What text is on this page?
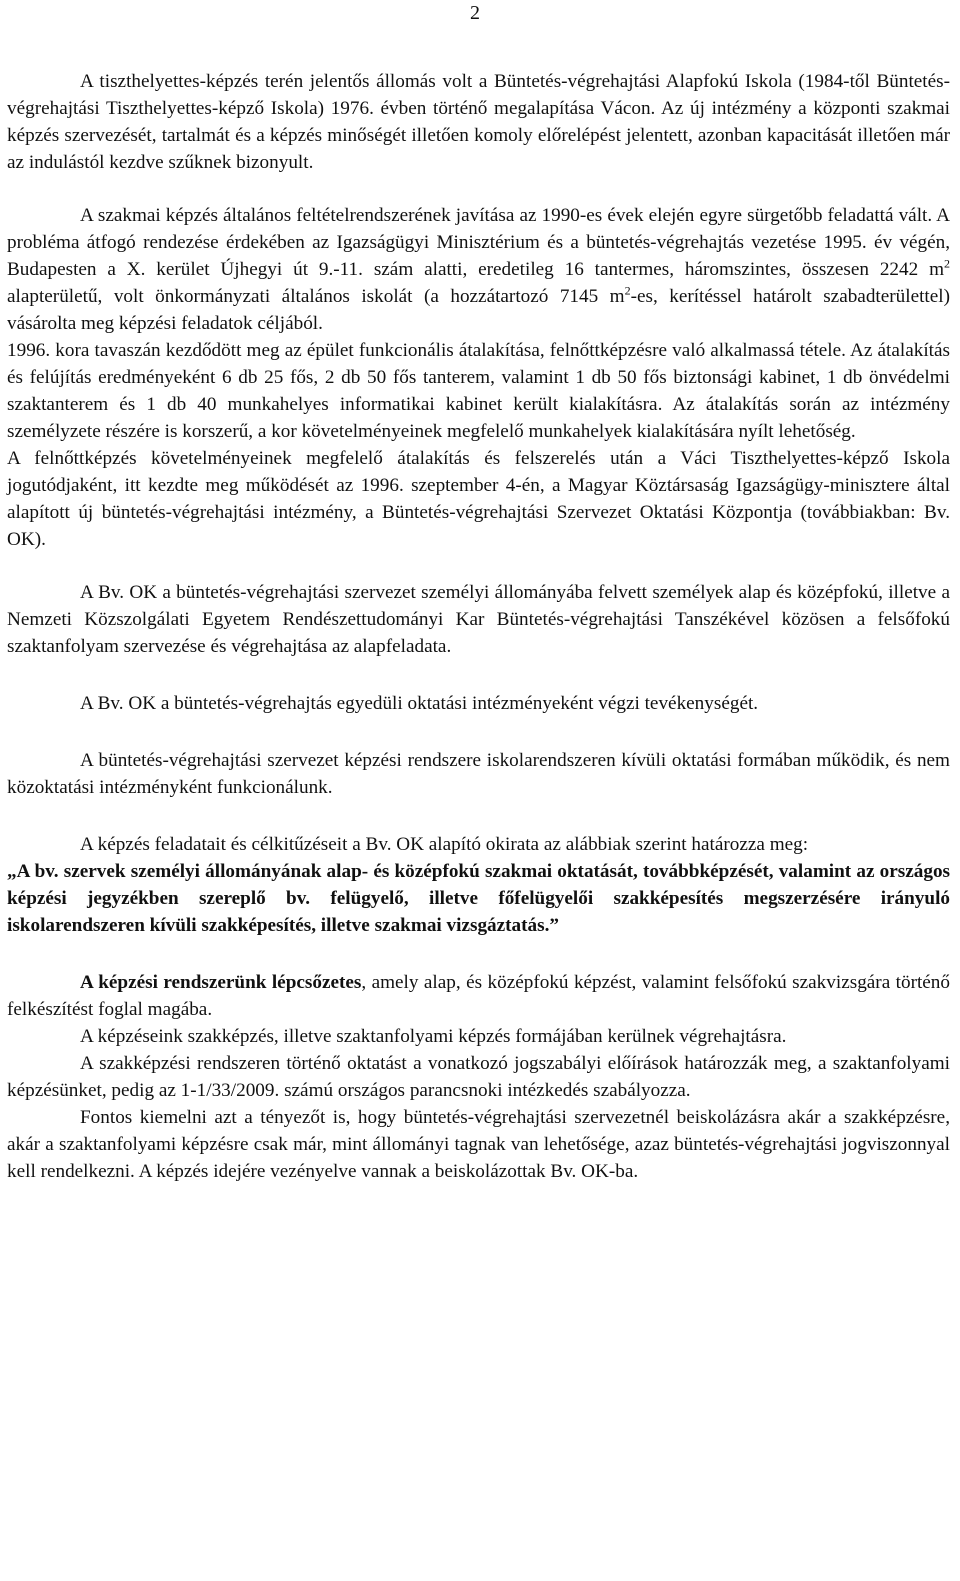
2

A tiszthelyettes-képzés terén jelentős állomás volt a Büntetés-végrehajtási Alapfokú Iskola (1984-től Büntetés-végrehajtási Tiszthelyettes-képző Iskola) 1976. évben történő megalapítása Vácon. Az új intézmény a központi szakmai képzés szervezését, tartalmát és a képzés minőségét illetően komoly előrelépést jelentett, azonban kapacitását illetően már az indulástól kezdve szűknek bizonyult.

A szakmai képzés általános feltételrendszerének javítása az 1990-es évek elején egyre sürgetőbb feladattá vált. A probléma átfogó rendezése érdekében az Igazságügyi Minisztérium és a büntetés-végrehajtás vezetése 1995. év végén, Budapesten a X. kerület Újhegyi út 9.-11. szám alatti, eredetileg 16 tantermes, háromszintes, összesen 2242 $m^2$ alapterületű, volt önkormányzati általános iskolát (a hozzátartozó 7145 $m^2-es$, kerítéssel határolt szabadterülettel) vásárolta meg képzési feladatok céljából.

1996. kora tavaszán kezdődött meg az épület funkcionális átalakítása, felnőttképzésre való alkalmassá tétele. Az átalakítás és felújítás eredményeként 6 db 25 fős, 2 db 50 fős tanterem, valamint 1 db 50 fős biztonsági kabinet, 1 db önvédelmi szaktanterem és 1 db 40 munkahelyes informatikai kabinet került kialakításra. Az átalakítás során az intézmény személyzete részére is korszerű, a kor követelményeinek megfelelő munkahelyek kialakítására nyílt lehetőség.

A felnőttképzés követelményeinek megfelelő átalakítás és felszerelés után a Váci Tiszthelyettes-képző Iskola jogutódjaként, itt kezdte meg működését az 1996. szeptember 4-én, a Magyar Köztársaság Igazságügy-minisztere által alapított új büntetés-végrehajtási intézmény, a Büntetés-végrehajtási Szervezet Oktatási Központja (továbbiakban: Bv. OK).

A Bv. OK a büntetés-végrehajtási szervezet személyi állományába felvett személyek alap és középfokú, illetve a Nemzeti Közszolgálati Egyetem Rendészettudományi Kar Büntetés-végrehajtási Tanszékével közösen a felsőfokú szaktanfolyam szervezése és végrehajtása az alapfeladata.

A Bv. OK a büntetés-végrehajtás egyedüli oktatási intézményeként végzi tevékenységét.

A büntetés-végrehajtási szervezet képzési rendszere iskolarendszeren kívüli oktatási formában működik, és nem közoktatási intézményként funkcionálunk.

A képzés feladatait és célkitűzéseit a Bv. OK alapító okirata az alábbiak szerint határozza meg:

„A bv. szervek személyi állományának alap- és középfokú szakmai oktatását, továbbképzését, valamint az országos képzési jegyzékben szereplő bv. felügyelő, illetve főfelügyelői szakképesítés megszerzésére irányuló iskolarendszeren kívüli szakképesítés, illetve szakmai vizsgáztatás.”

A képzési rendszerünk lépcsőzetes, amely alap, és középfokú képzést, valamint felsőfokú szakvizsgára történő felkészítést foglal magába.

A képzéseink szakképzés, illetve szaktanfolyami képzés formájában kerülnek végrehajtásra.

A szakképzési rendszeren történő oktatást a vonatkozó jogszabályi előírások határozzák meg, a szaktanfolyami képzésünket, pedig az 1-1/33/2009. számú országos parancsnoki intézkedés szabályozza.

Fontos kiemelni azt a tényezőt is, hogy büntetés-végrehajtási szervezetnél beiskolázásra akár a szakképzésre, akár a szaktanfolyami képzésre csak már, mint állományi tagnak van lehetősége, azaz büntetés-végrehajtási jogviszonnyal kell rendelkezni. A képzés idejére vezényelve vannak a beiskolázottak Bv. OK-ba.
